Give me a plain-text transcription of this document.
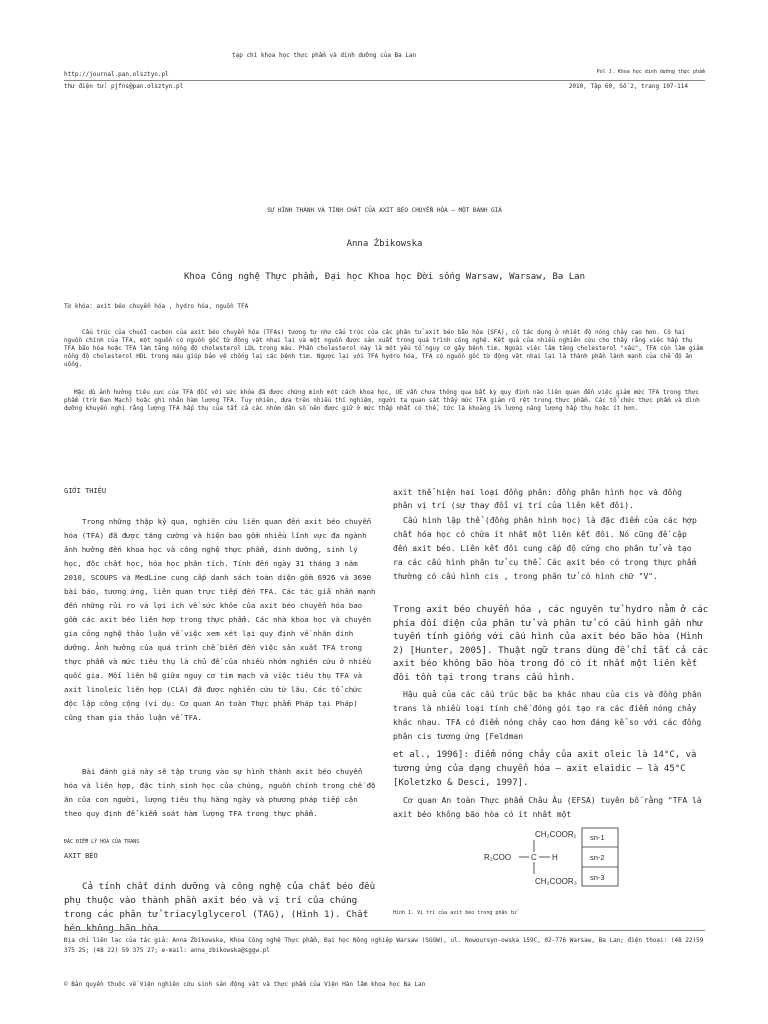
tạp chí khoa học thực phẩm và dinh dưỡng của Ba Lan
http://journal.pan.olsztyn.pl	Pol J. Khoa học dinh dưỡng thực phẩm
thư điện tử: pjfns@pan.olsztyn.pl	2010, Tập 60, Số 2, trang 107-114
SỰ HÌNH THÀNH VÀ TÍNH CHẤT CỦA AXIT BÉO CHUYỂN HÓA – MỘT ĐÁNH GIÁ
Anna Żbikowska
Khoa Công nghệ Thực phẩm, Đại học Khoa học Đời sống Warsaw, Warsaw, Ba Lan
Từ khóa: axit béo chuyển hóa , hydro hóa, nguồn TFA
Cấu trúc của chuỗi cacbon của axit béo chuyển hóa (TFAs) tương tự như cấu trúc của các phân tử axit béo bão hòa (SFA), có tác dụng ở nhiệt độ nóng chảy cao hơn. Có hai nguồn chính của TFA, một nguồn có nguồn gốc từ động vật nhai lại và một nguồn được sản xuất trong quá trình công nghệ. Kết quả của nhiều nghiên cứu cho thấy rằng việc hấp thụ TFA bão hòa hoặc TFA làm tăng nồng độ cholesterol LDL trong máu. Phần cholesterol này là một yếu tố nguy cơ gây bệnh tim. Ngoài việc làm tăng cholesterol "xấu", TFA còn làm giảm nồng độ cholesterol HDL trong máu giúp bảo vệ chống lại các bệnh tim. Ngược lại với TFA hydro hóa, TFA có nguồn gốc từ động vật nhai lại là thành phần lành mạnh của chế độ ăn uống.
Mặc dù ảnh hưởng tiêu cực của TFA đối với sức khỏe đã được chứng minh một cách khoa học, UE vẫn chưa thông qua bất kỳ quy định nào liên quan đến việc giảm mức TFA trong thực phẩm (trừ Đan Mạch) hoặc ghi nhãn hàm lượng TFA. Tuy nhiên, dựa trên nhiều thí nghiệm, người ta quan sát thấy mức TFA giảm rõ rệt trong thực phẩm. Các tổ chức thực phẩm và dinh dưỡng khuyến nghị rằng lượng TFA hấp thụ của tất cả các nhóm dân số nên được giữ ở mức thấp nhất có thể, tức là khoảng 1% lượng năng lượng hấp thụ hoặc ít hơn.
GIỚI THIỆU
Trong những thập kỷ qua, nghiên cứu liên quan đến axit béo chuyển hóa (TFA) đã được tăng cường và hiện bao gồm nhiều lĩnh vực đa ngành ảnh hưởng đến khoa học và công nghệ thực phẩm, dinh dưỡng, sinh lý học, độc chất học, hóa học phân tích. Tính đến ngày 31 tháng 3 năm 2010, SCOUPS và MedLine cung cấp danh sách toàn diện gồm 6926 và 3690 bài báo, tương ứng, liên quan trực tiếp đến TFA. Các tác giả nhấn mạnh đến những rủi ro và lợi ích về sức khỏe của axit béo chuyển hóa bao gồm các axit béo liên hợp trong thực phẩm. Các nhà khoa học và chuyên gia công nghệ thảo luận về việc xem xét lại quy định về nhãn dinh dưỡng. Ảnh hưởng của quá trình chế biến đến việc sản xuất TFA trong thực phẩm và mức tiêu thụ là chủ đề của nhiều nhóm nghiên cứu ở nhiều quốc gia. Mối liên hệ giữa nguy cơ tim mạch và việc tiêu thụ TFA và axit linoleic liên hợp (CLA) đã được nghiên cứu từ lâu. Các tổ chức độc lập công cộng (ví dụ: Cơ quan An toàn Thực phẩm Pháp tại Pháp) cũng tham gia thảo luận về TFA.
Bài đánh giá này sẽ tập trung vào sự hình thành axit béo chuyển hóa và liên hợp, đặc tính sinh học của chúng, nguồn chính trong chế độ ăn của con người, lượng tiêu thụ hàng ngày và phương pháp tiếp cận theo quy định để kiểm soát hàm lượng TFA trong thực phẩm.
ĐẶC ĐIỂM LÝ HÓA CỦA TRANS
AXIT BÉO
Cả tính chất dinh dưỡng và công nghệ của chất béo đều phụ thuộc vào thành phần axit béo và vị trí của chúng trong các phân tử triacylglycerol (TAG), (Hình 1). Chất béo không bão hòa
axit thể hiện hai loại đồng phân: đồng phân hình học và đồng phân vị trí (sự thay đổi vị trí của liên kết đôi).
Cấu hình lập thể (đồng phân hình học) là đặc điểm của các hợp chất hóa học có chứa ít nhất một liên kết đôi. Nó cũng đề cập đến axit béo. Liên kết đôi cung cấp độ cứng cho phân tử và tạo ra các cấu hình phân tử cụ thể. Các axit béo có trong thực phẩm thường có cấu hình cis , trong phân tử có hình chữ "V".
Trong axit béo chuyển hóa , các nguyên tử hydro nằm ở các phía đối diện của phân tử và phân tử có cấu hình gần như tuyến tính giống với cấu hình của axit béo bão hòa (Hình 2) [Hunter, 2005]. Thuật ngữ trans dùng để chỉ tất cả các axit béo không bão hòa trong đó có ít nhất một liên kết đôi tồn tại trong trans cấu hình.
Hậu quả của các cấu trúc bậc ba khác nhau của cis và đồng phân trans là nhiều loại tính chế đóng gói tạo ra các điểm nóng chảy khác nhau. TFA có điểm nóng chảy cao hơn đáng kể so với các đồng phân cis tương ứng [Feldman
et al., 1996]: điểm nóng chảy của axit oleic là 14°C, và tương ứng của dạng chuyển hóa – axit elaidic – là 45°C [Koletzko & Desci, 1997].
Cơ quan An toàn Thực phẩm Châu Âu (EFSA) tuyên bố rằng "TFA là axit béo không bão hòa có ít nhất một
CH₂COOR₁
R₂COO C H
CH₂COOR₃
sn-1
sn-2
sn-3
Hình 1. Vị trí của axit béo trong phân tử
Địa chỉ liên lạc của tác giả: Anna Żbikowska, Khoa Công nghệ Thực phẩm, Đại học Nông nghiệp Warsaw (SGGW), ul. Nowoursyn-owska 159C, 02-776 Warsaw, Ba Lan; điện thoại: (48 22)59 375 25; (48 22) 59 375 27; e-mail: anna_zbikowska@sggw.pl
© Bản quyền thuộc về Viện nghiên cứu sinh sản động vật và thực phẩm của Viện Hàn lâm khoa học Ba Lan
